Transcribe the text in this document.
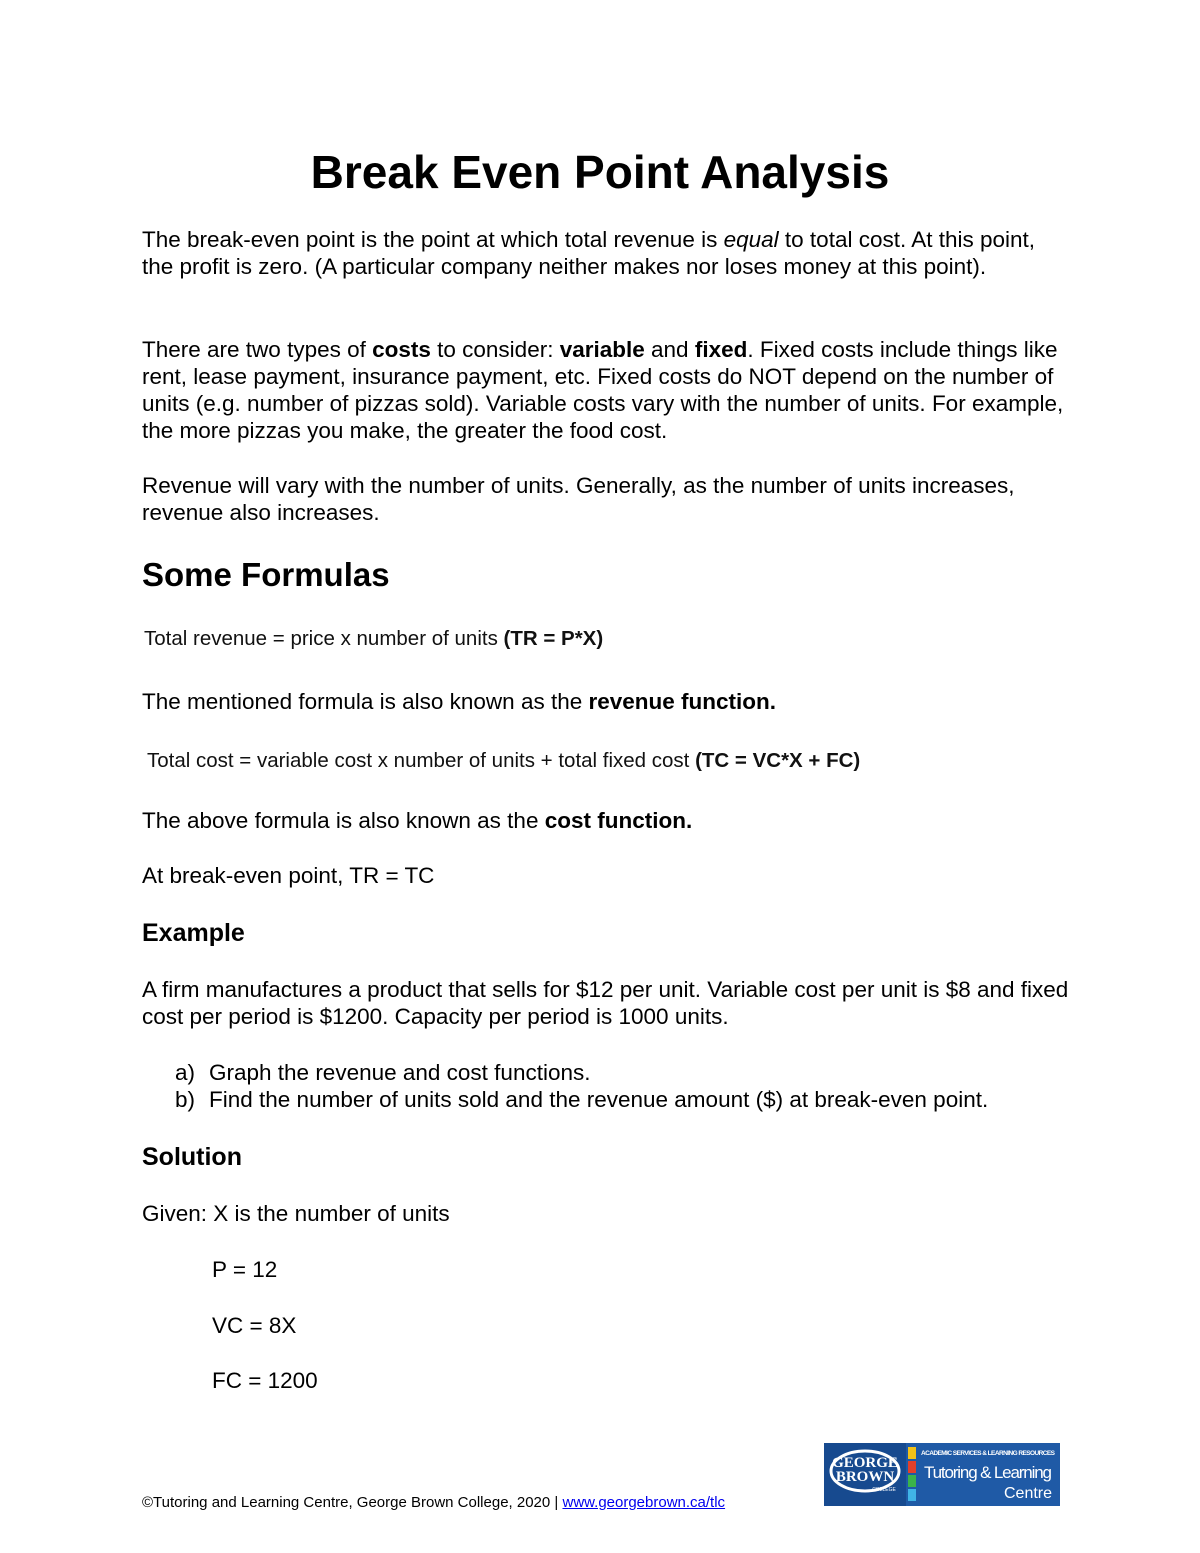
Break Even Point Analysis

The break-even point is the point at which total revenue is equal to total cost. At this point, the profit is zero. (A particular company neither makes nor loses money at this point).

There are two types of costs to consider: variable and fixed. Fixed costs include things like rent, lease payment, insurance payment, etc. Fixed costs do NOT depend on the number of units (e.g. number of pizzas sold). Variable costs vary with the number of units. For example, the more pizzas you make, the greater the food cost.

Revenue will vary with the number of units. Generally, as the number of units increases, revenue also increases.

Some Formulas

Total revenue = price x number of units (TR = P*X)

The mentioned formula is also known as the revenue function.

Total cost = variable cost x number of units + total fixed cost (TC = VC*X + FC)

The above formula is also known as the cost function.

At break-even point, TR = TC

Example

A firm manufactures a product that sells for $12 per unit. Variable cost per unit is $8 and fixed cost per period is $1200. Capacity per period is 1000 units.

a) Graph the revenue and cost functions.

b) Find the number of units sold and the revenue amount ($) at break-even point.

Solution

Given: X is the number of units

P = 12

VC = 8X

FC = 1200

©Tutoring and Learning Centre, George Brown College, 2020 | www.georgebrown.ca/tlc

GEORGE
BROWN
COLLEGE
ACADEMIC SERVICES & LEARNING RESOURCES
Tutoring & Learning
Centre
